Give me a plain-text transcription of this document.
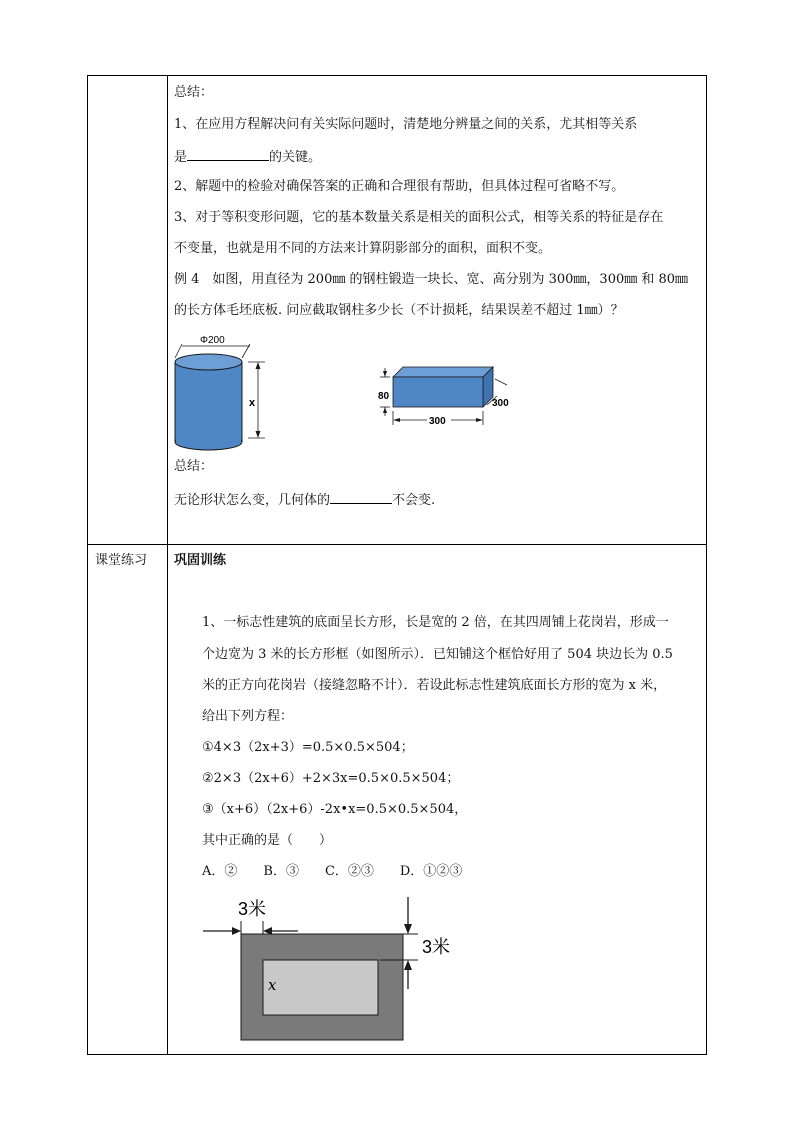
总结：
1、在应用方程解决问有关实际问题时，清楚地分辨量之间的关系，尤其相等关系
是	的关键。
2、解题中的检验对确保答案的正确和合理很有帮助，但具体过程可省略不写。
3、对于等积变形问题，它的基本数量关系是相关的面积公式，相等关系的特征是存在
不变量，也就是用不同的方法来计算阴影部分的面积，面积不变。
例 4　如图，用直径为 200㎜ 的钢柱锻造一块长、宽、高分别为 300㎜，300㎜ 和 80㎜
的长方体毛坯底板. 问应截取钢柱多少长（不计损耗，结果误差不超过 1㎜）？
Φ200
x
80
300
300
总结：
无论形状怎么变，几何体的	不会变.
课堂练习 巩固训练
1、一标志性建筑的底面呈长方形，长是宽的 2 倍，在其四周铺上花岗岩，形成一
个边宽为 3 米的长方形框（如图所示）．已知铺这个框恰好用了 504 块边长为 0.5
米的正方向花岗岩（接缝忽略不计）．若设此标志性建筑底面长方形的宽为 x 米，
给出下列方程：
①4×3（2x+3）=0.5×0.5×504；
②2×3（2x+6）+2×3x=0.5×0.5×504；
③（x+6）（2x+6）-2x•x=0.5×0.5×504，
其中正确的是（　　）
A．②　　B．③　　C．②③　　D．①②③
x
3米
3米
